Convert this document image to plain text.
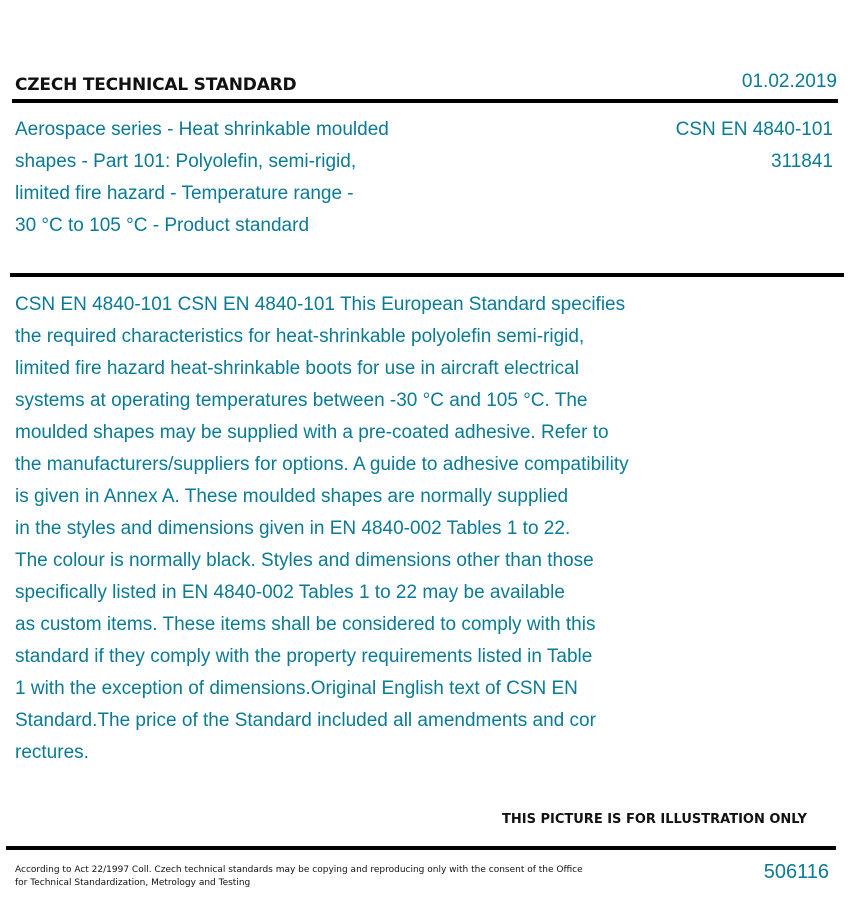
CZECH TECHNICAL STANDARD	01.02.2019
Aerospace series - Heat shrinkable moulded
shapes - Part 101: Polyolefin, semi-rigid,
limited fire hazard - Temperature range -
30 °C to 105 °C - Product standard
CSN EN 4840-101
311841
CSN EN 4840-101 CSN EN 4840-101 This European Standard specifies
the required characteristics for heat-shrinkable polyolefin semi-rigid,
limited fire hazard heat-shrinkable boots for use in aircraft electrical
systems at operating temperatures between -30 °C and 105 °C. The
moulded shapes may be supplied with a pre-coated adhesive. Refer to
the manufacturers/suppliers for options. A guide to adhesive compatibility
is given in Annex A. These moulded shapes are normally supplied
in the styles and dimensions given in EN 4840-002 Tables 1 to 22.
The colour is normally black. Styles and dimensions other than those
specifically listed in EN 4840-002 Tables 1 to 22 may be available
as custom items. These items shall be considered to comply with this
standard if they comply with the property requirements listed in Table
1 with the exception of dimensions.Original English text of CSN EN
Standard.The price of the Standard included all amendments and cor
rectures.
THIS PICTURE IS FOR ILLUSTRATION ONLY
According to Act 22/1997 Coll. Czech technical standards may be copying and reproducing only with the consent of the Office
for Technical Standardization, Metrology and Testing	506116
